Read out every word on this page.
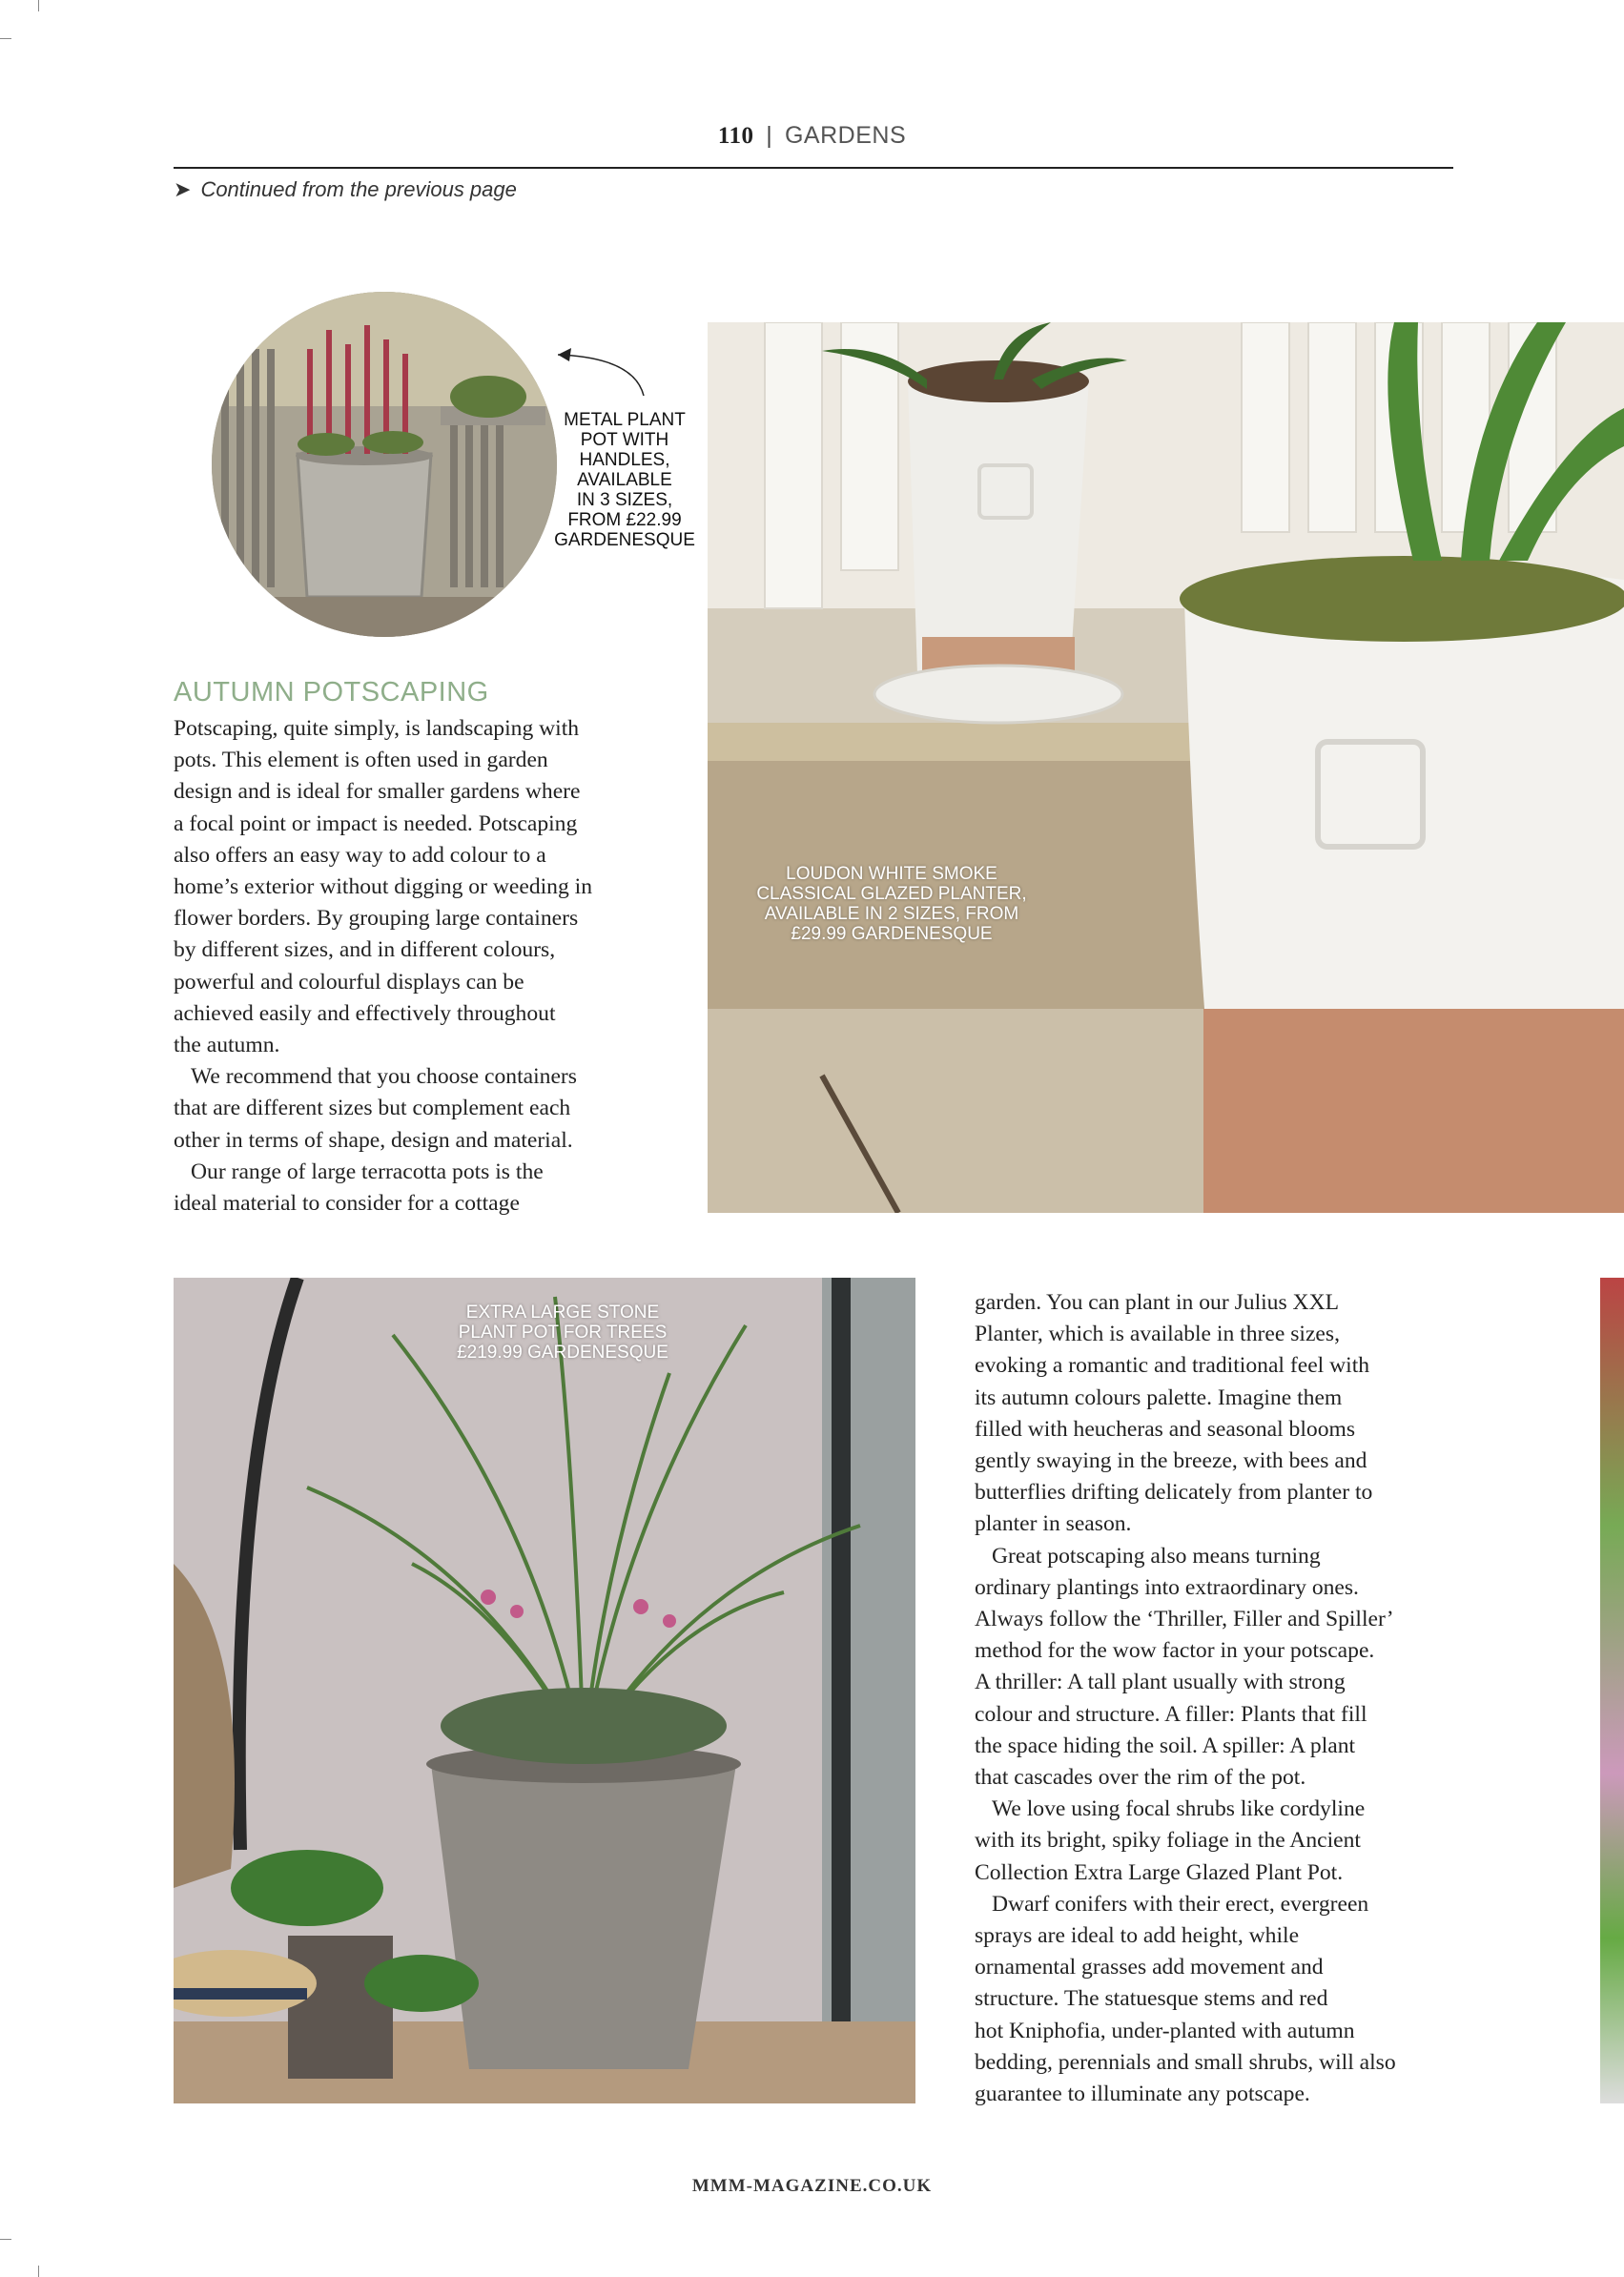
110 | GARDENS
➤ Continued from the previous page
METAL PLANT
POT WITH
HANDLES,
AVAILABLE
IN 3 SIZES,
FROM £22.99
GARDENESQUE
LOUDON WHITE SMOKE
CLASSICAL GLAZED PLANTER,
AVAILABLE IN 2 SIZES, FROM
£29.99 GARDENESQUE
AUTUMN POTSCAPING

Potscaping, quite simply, is landscaping with
pots. This element is often used in garden
design and is ideal for smaller gardens where
a focal point or impact is needed. Potscaping
also offers an easy way to add colour to a
home’s exterior without digging or weeding in
flower borders. By grouping large containers
by different sizes, and in different colours,
powerful and colourful displays can be
achieved easily and effectively throughout
the autumn.

We recommend that you choose containers
that are different sizes but complement each
other in terms of shape, design and material.

Our range of large terracotta pots is the
ideal material to consider for a cottage

EXTRA LARGE STONE
PLANT POT FOR TREES
£219.99 GARDENESQUE

garden. You can plant in our Julius XXL
Planter, which is available in three sizes,
evoking a romantic and traditional feel with
its autumn colours palette. Imagine them
filled with heucheras and seasonal blooms
gently swaying in the breeze, with bees and
butterflies drifting delicately from planter to
planter in season.

Great potscaping also means turning
ordinary plantings into extraordinary ones.
Always follow the ‘Thriller, Filler and Spiller’
method for the wow factor in your potscape.
A thriller: A tall plant usually with strong
colour and structure. A filler: Plants that fill
the space hiding the soil. A spiller: A plant
that cascades over the rim of the pot.

We love using focal shrubs like cordyline
with its bright, spiky foliage in the Ancient
Collection Extra Large Glazed Plant Pot.

Dwarf conifers with their erect, evergreen
sprays are ideal to add height, while
ornamental grasses add movement and
structure. The statuesque stems and red
hot Kniphofia, under-planted with autumn
bedding, perennials and small shrubs, will also
guarantee to illuminate any potscape.

MMM-MAGAZINE.CO.UK
